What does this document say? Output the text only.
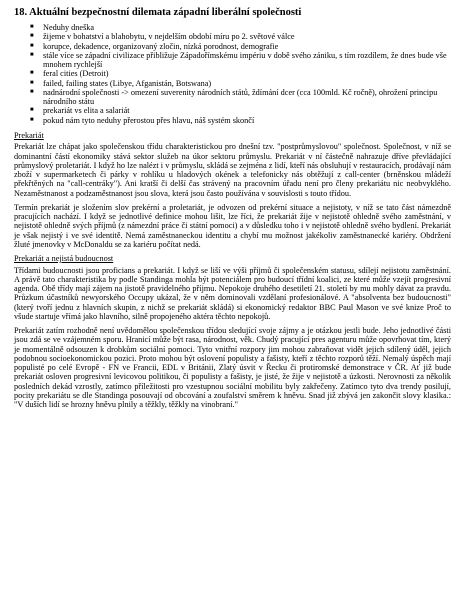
18. Aktuální bezpečnostní dilemata západní liberální společnosti
■ Neduhy dneška
■ žijeme v bohatství a blahobytu, v nejdelším období míru po 2. světové válce
■ korupce, dekadence, organizovaný zločin, nízká porodnost, demografie
■ stále více se západní civilizace přibližuje Západořímskému impériu v době svého zániku, s tím rozdílem, že dnes bude vše mnohem rychlejší
■ feral cities (Detroit)
■ failed, failing states (Libye, Afganistán, Botswana)
■ nadnárodní společnosti -> omezení suverenity národních států, ždímání dcer (cca 100mld. Kč ročně), ohrožení principu národního státu
■ prekariát vs elita a salariát
■ pokud nám tyto neduhy přerostou přes hlavu, náš systém skončí
Prekariát

Prekariát lze chápat jako společenskou třídu charakteristickou pro dnešní tzv. "postprůmyslovou" společnost. Společnost, v níž se dominantní částí ekonomiky stává sektor služeb na úkor sektoru průmyslu. Prekariát v ní částečně nahrazuje dříve převládající průmyslový proletariát. I když ho lze nalézt i v průmyslu, skládá se zejména z lidí, kteří nás obsluhují v restauracích, prodávají nám zboží v supermarketech či párky v rohlíku u hladových okének a telefonicky nás obtěžují z call-center (brněnskou mládeží překřtěných na "call-centráky"). Ani kratší či delší čas strávený na pracovním úřadu není pro členy prekariátu nic neobvyklého. Nezaměstnanost a podzaměstnanost jsou slova, která jsou často používána v souvislosti s touto třídou.

Termín prekariát je složením slov prekérní a proletariát, je odvozen od prekérní situace a nejistoty, v níž se tato část námezdně pracujících nachází. I když se jednotlivé definice mohou lišit, lze říci, že prekariát žije v nejistotě ohledně svého zaměstnání, v nejistotě ohledně svých příjmů (z námezdní práce či státní pomoci) a v důsledku toho i v nejistotě ohledně svého bydlení. Prekariát je však nejistý i ve své identitě. Nemá zaměstnaneckou identitu a chybí mu možnost jakékoliv zaměstnanecké kariéry. Obdržení žluté jmenovky v McDonaldu se za kariéru počítat nedá.

Prekariát a nejistá budoucnost

Třídami budoucnosti jsou proficians a prekariát. I když se liší ve výši příjmů či společenském statusu, sdílejí nejistotu zaměstnání. A právě tato charakteristika by podle Standinga mohla být potenciálem pro budoucí třídní koalici, ze které může vzejít progresivní agenda. Obě třídy mají zájem na jistotě pravidelného příjmu. Nepokoje druhého desetiletí 21. století by mu mohly dávat za pravdu. Průzkum účastníků newyorského Occupy ukázal, že v něm dominovali vzdělaní profesionálové. A "absolventa bez budoucnosti" (který tvoří jednu z hlavních skupin, z nichž se prekariát skládá) si ekonomický redaktor BBC Paul Mason ve své knize Proč to všude startuje vřímá jako hlavního, silně propojeného aktéra těchto nepokojů.

Prekariát zatím rozhodně není uvědomělou společenskou třídou sledující svoje zájmy a je otázkou jestli bude. Jeho jednotlivé části jsou zdá se ve vzájemném sporu. Hranicí může být rasa, národnost, věk. Chudý pracující pres agenturu může opovrhovat tím, který je momentálně odsouzen k drobkům sociální pomoci. Tyto vnitřní rozpory jim mohou zabraňovat vidět jejich sdílený úděl, jejich podobnou socioekonomickou pozici. Proto mohou být oslovení populisty a fašisty, kteří z těchto rozporů těží. Nemalý úspěch mají populisté po celé Evropě - FN ve Francii, EDL v Británii, Zlatý úsvit v Řecku či protiromské demonstrace v ČR. Ať již bude prekariát osloven progresivní levicovou politikou, či populisty a fašisty, je jisté, že žije v nejistotě a úzkosti. Nerovnosti za několik posledních dekád vzrostly, zatímco příležitosti pro vzestupnou sociální mobilitu byly zakřečeny. Zatímco tyto dva trendy posilují, pocity prekariátu se dle Standinga posouvají od obcování a zoufalství směrem k hněvu. Snad již zbývá jen zakončit slovy klasika.: "V duších lidí se hrozny hněvu plnily a těžkly, těžkly na vinobraní."
